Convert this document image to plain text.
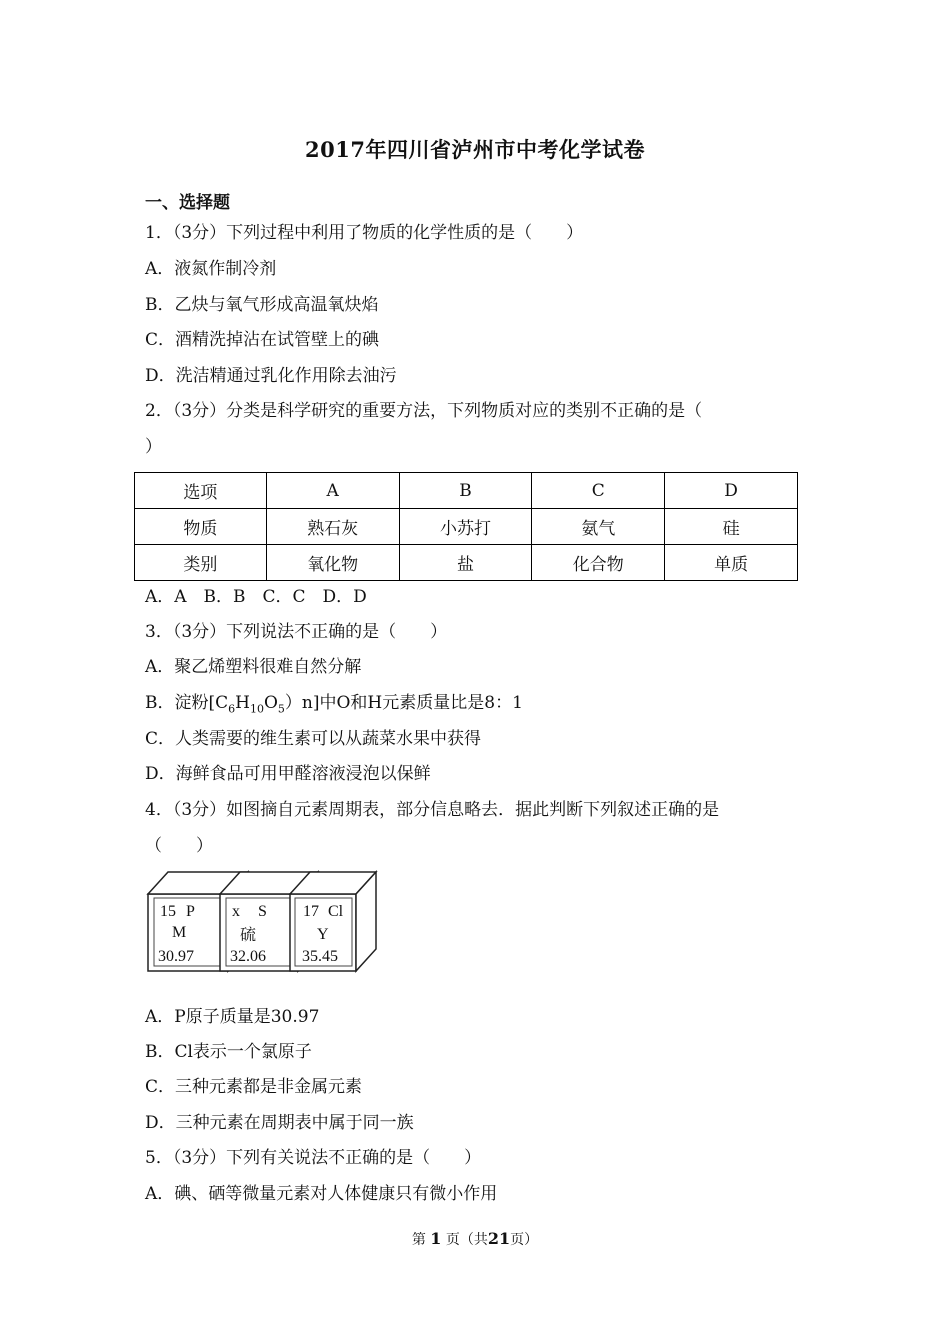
2017年四川省泸州市中考化学试卷
一、选择题
1．（3分）下列过程中利用了物质的化学性质的是（　　）
A．液氮作制冷剂
B．乙炔与氧气形成高温氧炔焰
C．酒精洗掉沾在试管壁上的碘
D．洗洁精通过乳化作用除去油污
2．（3分）分类是科学研究的重要方法，下列物质对应的类别不正确的是（
）
选项	A	B	C	D
物质	熟石灰	小苏打	氨气	硅
类别	氧化物	盐	化合物	单质
A．A　B．B　C．C　D．D
3．（3分）下列说法不正确的是（　　）
A．聚乙烯塑料很难自然分解
B．淀粉$[C_6H_{10}O_5)n$]中O和H元素质量比是8：1
C．人类需要的维生素可以从蔬菜水果中获得
D．海鲜食品可用甲醛溶液浸泡以保鲜
4．（3分）如图摘自元素周期表，部分信息略去．据此判断下列叙述正确的是
（　　）
15 P
M
30.97
x S
硫
32.06
17 Cl
Y
35.45
A．P原子质量是30.97
B．Cl表示一个氯原子
C．三种元素都是非金属元素
D．三种元素在周期表中属于同一族
5．（3分）下列有关说法不正确的是（　　）
A．碘、硒等微量元素对人体健康只有微小作用
第 1 页（共21页）
